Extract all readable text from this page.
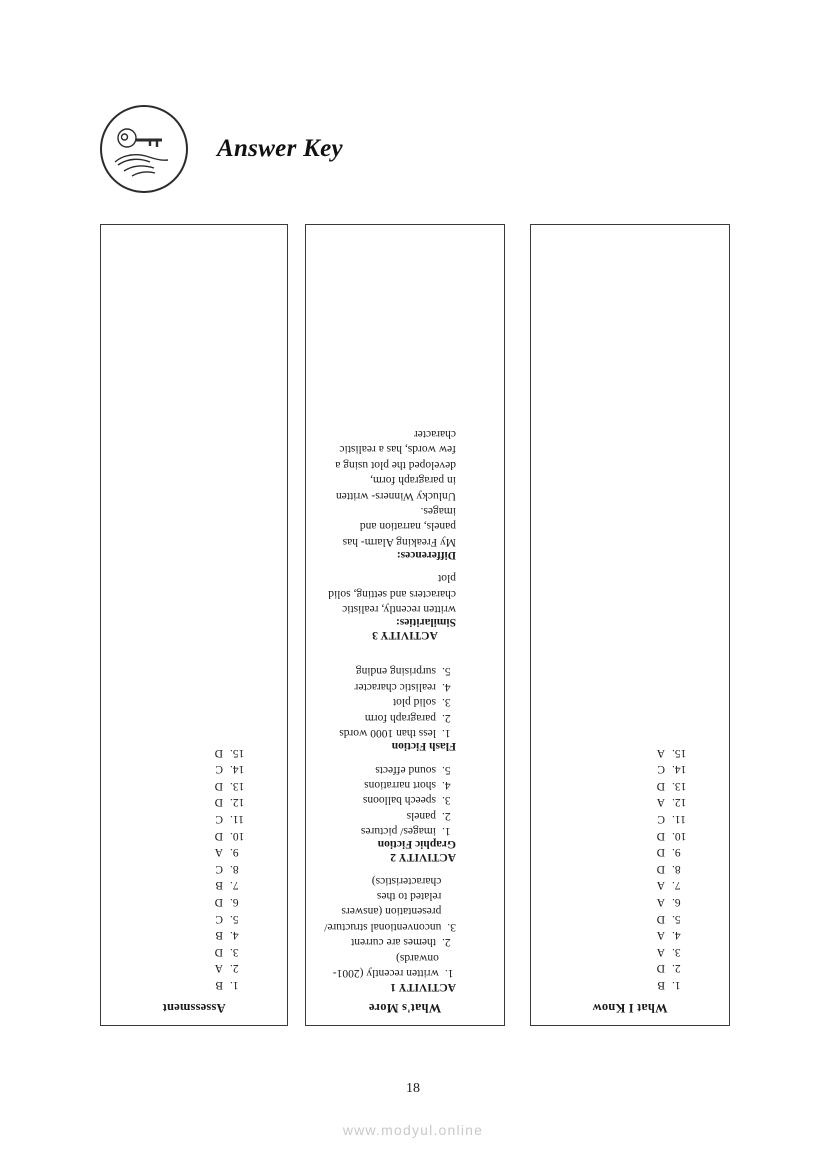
Answer Key

What I Know

1.
B
2.
D
3.
A
4.
A
5.
D
6.
A
7.
A
8.
D
9.
D
10.
D
11.
C
12.
A
13.
D
14.
C
15.
A

What's More

ACTIVITY 1

1.
written recently (2001-onwards)
2.
themes are current
3.
unconventional structure/ presentation (answers related to thes characteristics)

ACTIVITY 2

Graphic Fiction

1.
images/ pictures
2.
panels
3.
speech balloons
4.
short narrations
5.
sound effects

Flash Fiction

1.
less than 1000 words
2.
paragraph form
3.
solid plot
4.
realistic character
5.
surprising ending

ACTIVITY 3

Similarities:

written recently, realistic characters and setting, solid plot

Differences:

My Freaking Alarm- has panels, narration and images.

Unlucky Winners- written in paragraph form, developed the plot using a few words, has a realistic character

Assessment

1.
B
2.
A
3.
D
4.
B
5.
C
6.
D
7.
B
8.
C
9.
A
10.
D
11.
C
12.
D
13.
D
14.
C
15.
D
18
www.modyul.online
